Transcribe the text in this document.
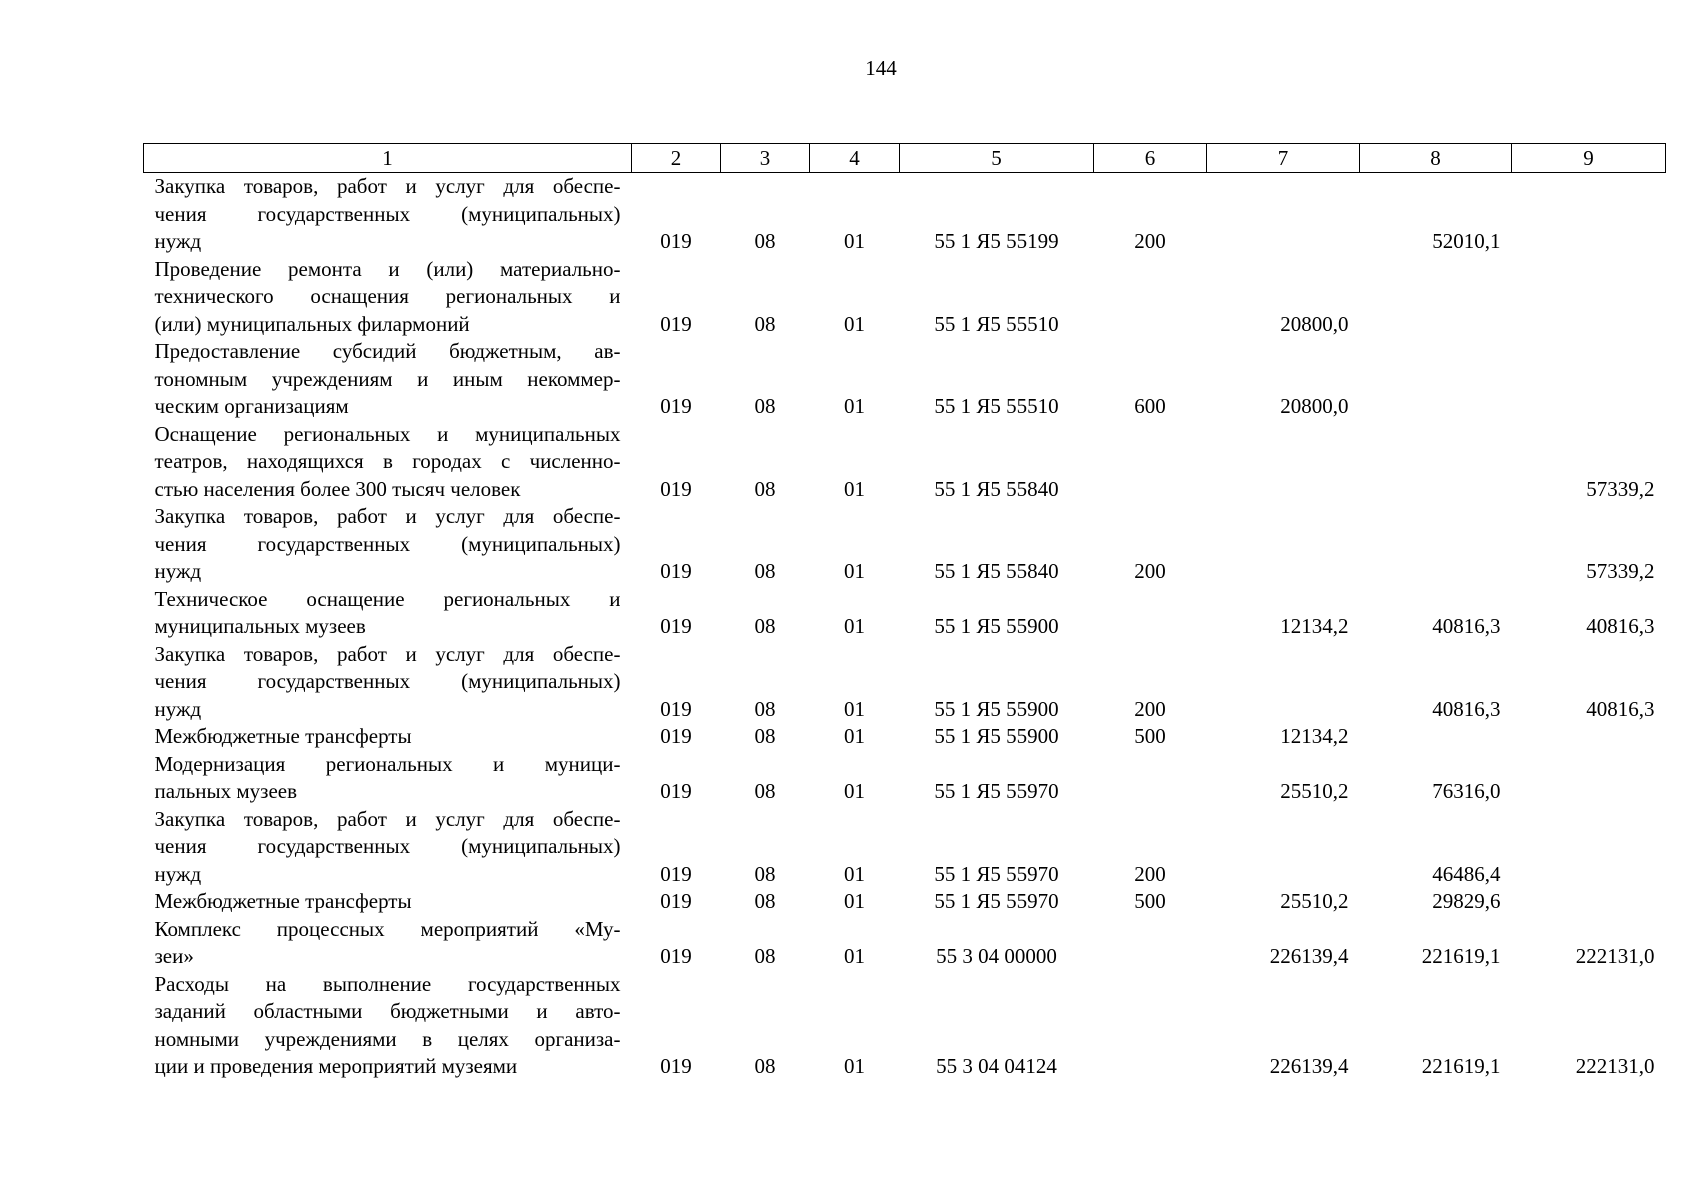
144
1	2	3	4	5	6	7	8	9

Закупка товаров, работ и услуг для обеспе-
чения государственных (муниципальных)
нужд	019	08	01	55 1 Я5 55199	200		52010,1	

Проведение ремонта и (или) материально-
технического оснащения региональных и
(или) муниципальных филармоний	019	08	01	55 1 Я5 55510		20800,0		

Предоставление субсидий бюджетным, ав-
тономным учреждениям и иным некоммер-
ческим организациям	019	08	01	55 1 Я5 55510	600	20800,0		

Оснащение региональных и муниципальных
театров, находящихся в городах с численно-
стью населения более 300 тысяч человек	019	08	01	55 1 Я5 55840				57339,2

Закупка товаров, работ и услуг для обеспе-
чения государственных (муниципальных)
нужд	019	08	01	55 1 Я5 55840	200			57339,2

Техническое оснащение региональных и
муниципальных музеев	019	08	01	55 1 Я5 55900		12134,2	40816,3	40816,3

Закупка товаров, работ и услуг для обеспе-
чения государственных (муниципальных)
нужд	019	08	01	55 1 Я5 55900	200		40816,3	40816,3

Межбюджетные трансферты	019	08	01	55 1 Я5 55900	500	12134,2		

Модернизация региональных и муници-
пальных музеев	019	08	01	55 1 Я5 55970		25510,2	76316,0	

Закупка товаров, работ и услуг для обеспе-
чения государственных (муниципальных)
нужд	019	08	01	55 1 Я5 55970	200		46486,4	

Межбюджетные трансферты	019	08	01	55 1 Я5 55970	500	25510,2	29829,6	

Комплекс процессных мероприятий «Му-
зеи»	019	08	01	55 3 04 00000		226139,4	221619,1	222131,0

Расходы на выполнение государственных
заданий областными бюджетными и авто-
номными учреждениями в целях организа-
ции и проведения мероприятий музеями	019	08	01	55 3 04 04124		226139,4	221619,1	222131,0
